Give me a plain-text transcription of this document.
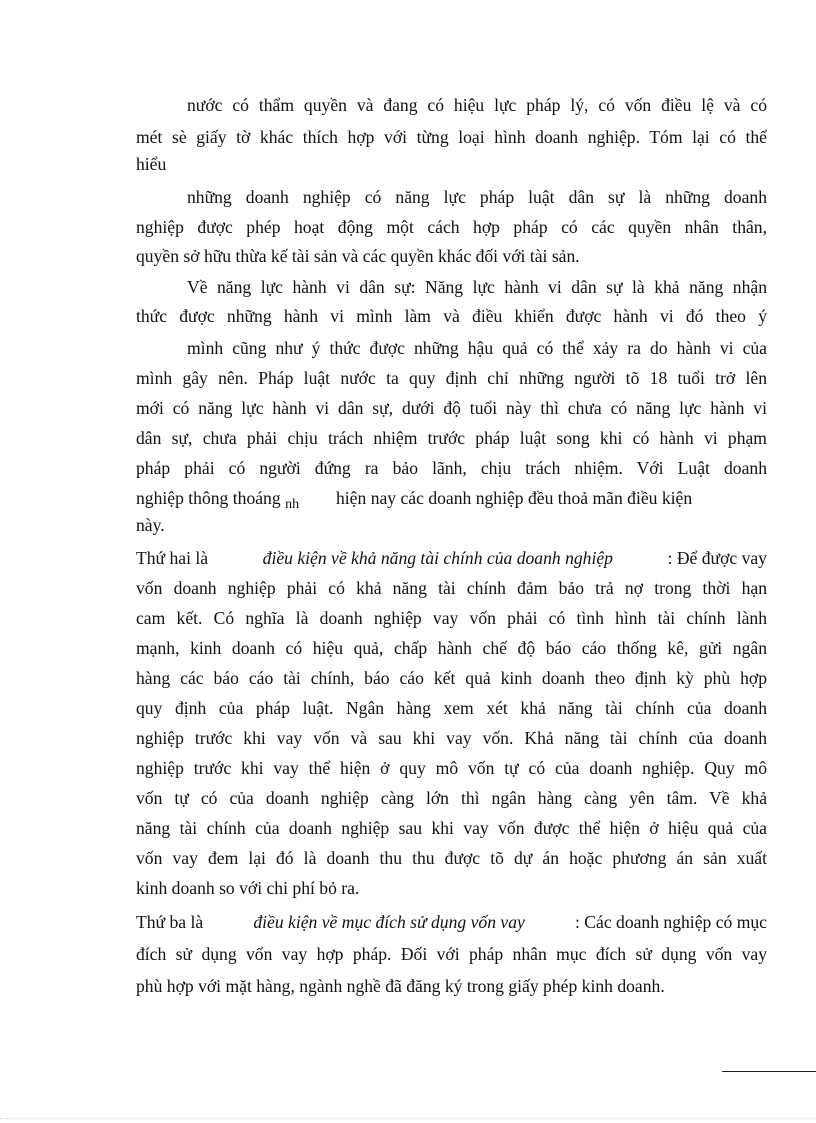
nước có thẩm quyền và đang có hiệu lực pháp lý, có vốn điều lệ và có
mét sè giấy tờ khác thích hợp với từng loại hình doanh nghiệp. Tóm lại có thể
hiểu
những doanh nghiệp có năng lực pháp luật dân sự là những doanh
nghiệp được phép hoạt động một cách hợp pháp có các quyền nhân thân,
quyền sở hữu thừa kế tài sản và các quyền khác đối với tài sản.
Về năng lực hành vi dân sự: Năng lực hành vi dân sự là khả năng nhận
thức được những hành vi mình làm và điều khiển được hành vi đó theo ý
mình cũng như ý thức được những hậu quả có thể xảy ra do hành vi của
mình gây nên. Pháp luật nước ta quy định chỉ những người tõ 18 tuổi trở lên
mới có năng lực hành vi dân sự, dưới độ tuổi này thì chưa có năng lực hành vi
dân sự, chưa phải chịu trách nhiệm trước pháp luật song khi có hành vi phạm
pháp phải có người đứng ra bảo lãnh, chịu trách nhiệm. Với Luật doanh
nghiệp thông thoáng $_{nh}$ hiện nay các doanh nghiệp đều thoả mãn điều kiện
này.
Thứ hai là	điều kiện về khả năng tài chính của doanh nghiệp	: Để được vay
vốn doanh nghiệp phải có khả năng tài chính đảm bảo trả nợ trong thời hạn
cam kết. Có nghĩa là doanh nghiệp vay vốn phải có tình hình tài chính lành
mạnh, kinh doanh có hiệu quả, chấp hành chế độ báo cáo thống kê, gửi ngân
hàng các báo cáo tài chính, báo cáo kết quả kinh doanh theo định kỳ phù hợp
quy định của pháp luật. Ngân hàng xem xét khả năng tài chính của doanh
nghiệp trước khi vay vốn và sau khi vay vốn. Khả năng tài chính của doanh
nghiệp trước khi vay thể hiện ở quy mô vốn tự có của doanh nghiệp. Quy mô
vốn tự có của doanh nghiệp càng lớn thì ngân hàng càng yên tâm. Về khả
năng tài chính của doanh nghiệp sau khi vay vốn được thể hiện ở hiệu quả của
vốn vay đem lại đó là doanh thu thu được tõ dự án hoặc phương án sản xuất
kinh doanh so với chi phí bỏ ra.
Thứ ba là	điều kiện về mục đích sử dụng vốn vay	: Các doanh nghiệp có mục
đích sử dụng vốn vay hợp pháp. Đối với pháp nhân mục đích sử dụng vốn vay
phù hợp với mặt hàng, ngành nghề đã đăng ký trong giấy phép kinh doanh.
